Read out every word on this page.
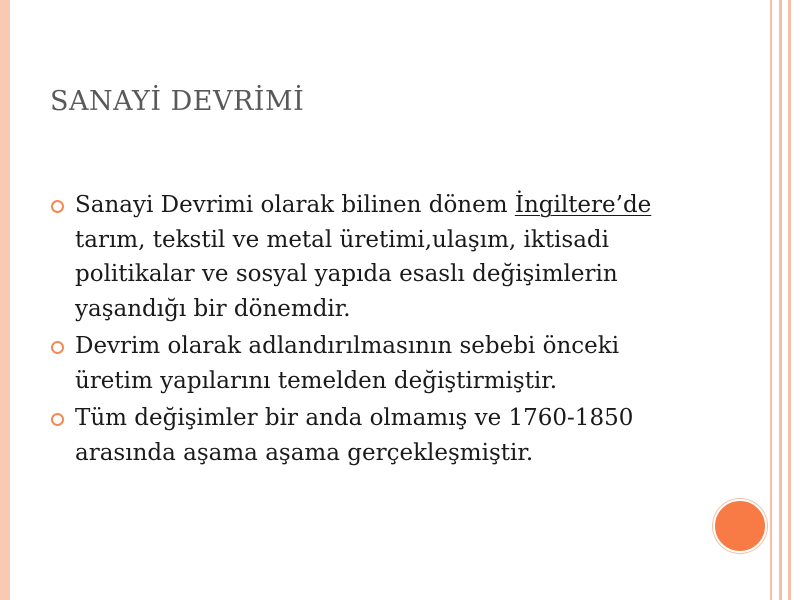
SANAYİ DEVRİMİ
Sanayi Devrimi olarak bilinen dönem İngiltere’de tarım, tekstil ve metal üretimi,ulaşım, iktisadi politikalar ve sosyal yapıda esaslı değişimlerin yaşandığı bir dönemdir.
Devrim olarak adlandırılmasının sebebi önceki üretim yapılarını temelden değiştirmiştir.
Tüm değişimler bir anda olmamış ve 1760-1850 arasında aşama aşama gerçekleşmiştir.
